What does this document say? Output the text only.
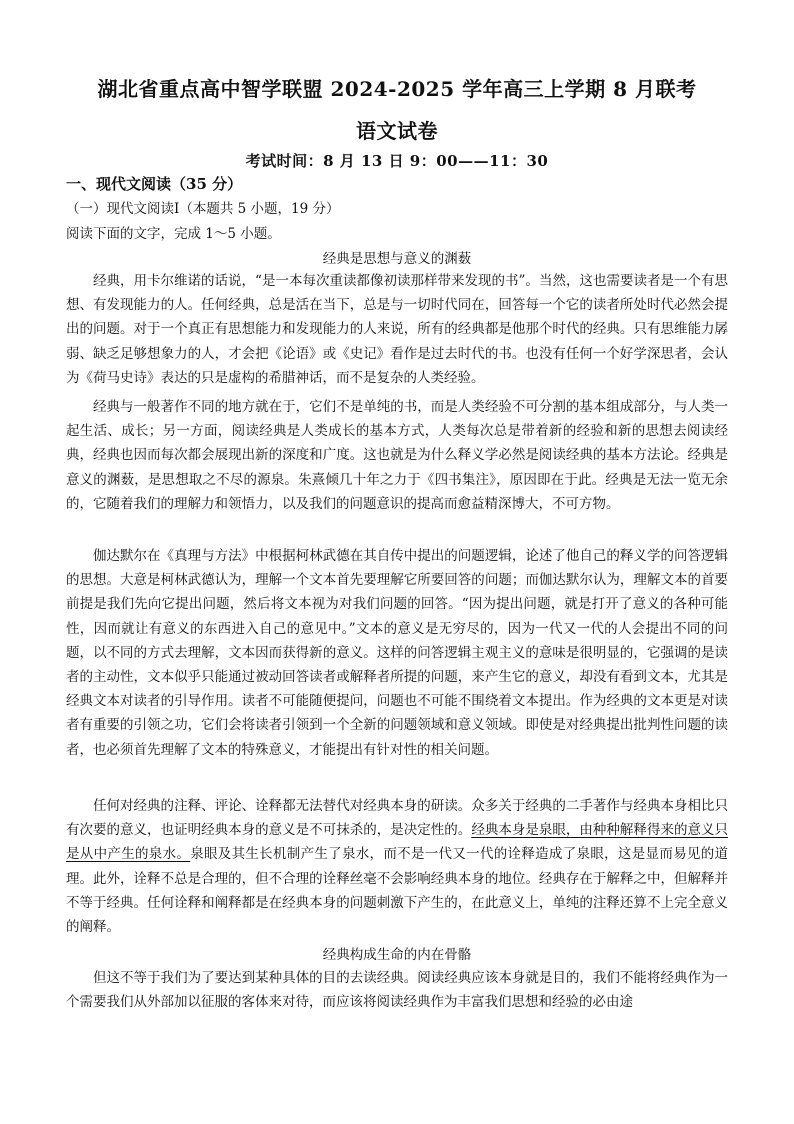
湖北省重点高中智学联盟 2024-2025 学年高三上学期 8 月联考
语文试卷
考试时间：8 月 13 日 9：00——11：30
一、现代文阅读（35 分）
（一）现代文阅读Ⅰ（本题共 5 小题，19 分）
阅读下面的文字，完成 1～5 小题。
经典是思想与意义的渊薮

经典，用卡尔维诺的话说，“是一本每次重读都像初读那样带来发现的书”。当然，这也需要读者是一个有思想、有发现能力的人。任何经典，总是活在当下，总是与一切时代同在，回答每一个它的读者所处时代必然会提出的问题。对于一个真正有思想能力和发现能力的人来说，所有的经典都是他那个时代的经典。只有思维能力孱弱、缺乏足够想象力的人，才会把《论语》或《史记》看作是过去时代的书。也没有任何一个好学深思者，会认为《荷马史诗》表达的只是虚构的希腊神话，而不是复杂的人类经验。

经典与一般著作不同的地方就在于，它们不是单纯的书，而是人类经验不可分割的基本组成部分，与人类一起生活、成长；另一方面，阅读经典是人类成长的基本方式，人类每次总是带着新的经验和新的思想去阅读经典，经典也因而每次都会展现出新的深度和广度。这也就是为什么释义学必然是阅读经典的基本方法论。经典是意义的渊薮，是思想取之不尽的源泉。朱熹倾几十年之力于《四书集注》，原因即在于此。经典是无法一览无余的，它随着我们的理解力和领悟力，以及我们的问题意识的提高而愈益精深博大，不可方物。

伽达默尔在《真理与方法》中根据柯林武德在其自传中提出的问题逻辑，论述了他自己的释义学的问答逻辑的思想。大意是柯林武德认为，理解一个文本首先要理解它所要回答的问题；而伽达默尔认为，理解文本的首要前提是我们先向它提出问题，然后将文本视为对我们问题的回答。“因为提出问题，就是打开了意义的各种可能性，因而就让有意义的东西进入自己的意见中。”文本的意义是无穷尽的，因为一代又一代的人会提出不同的问题，以不同的方式去理解，文本因而获得新的意义。这样的问答逻辑主观主义的意味是很明显的，它强调的是读者的主动性，文本似乎只能通过被动回答读者或解释者所提的问题，来产生它的意义，却没有看到文本，尤其是经典文本对读者的引导作用。读者不可能随便提问，问题也不可能不围绕着文本提出。作为经典的文本更是对读者有重要的引领之功，它们会将读者引领到一个全新的问题领域和意义领域。即使是对经典提出批判性问题的读者，也必须首先理解了文本的特殊意义，才能提出有针对性的相关问题。

任何对经典的注释、评论、诠释都无法替代对经典本身的研读。众多关于经典的二手著作与经典本身相比只有次要的意义，也证明经典本身的意义是不可抹杀的，是决定性的。经典本身是泉眼，由种种解释得来的意义只是从中产生的泉水。泉眼及其生长机制产生了泉水，而不是一代又一代的诠释造成了泉眼，这是显而易见的道理。此外，诠释不总是合理的，但不合理的诠释丝毫不会影响经典本身的地位。经典存在于解释之中，但解释并不等于经典。任何诠释和阐释都是在经典本身的问题刺激下产生的，在此意义上，单纯的注释还算不上完全意义的阐释。

经典构成生命的内在骨骼

但这不等于我们为了要达到某种具体的目的去读经典。阅读经典应该本身就是目的，我们不能将经典作为一个需要我们从外部加以征服的客体来对待，而应该将阅读经典作为丰富我们思想和经验的必由途
